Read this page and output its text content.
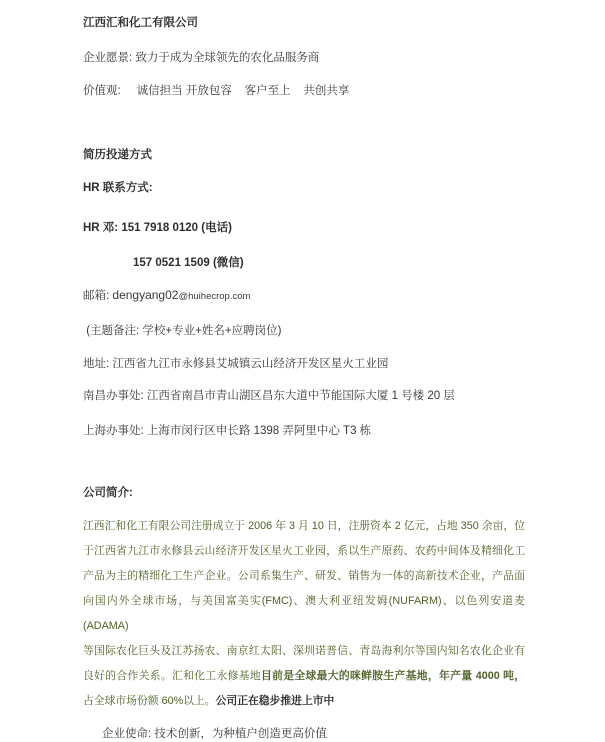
江西汇和化工有限公司

企业愿景: 致力于成为全球领先的农化品服务商

价值观:     诚信担当 开放包容    客户至上    共创共享

简历投递方式

HR 联系方式:

HR 邓: 151 7918 0120 (电话)

157 0521 1509 (微信)

邮箱: dengyang02@huihecrop.com

(主题备注: 学校+专业+姓名+应聘岗位)

地址: 江西省九江市永修县艾城镇云山经济开发区星火工业园

南昌办事处: 江西省南昌市青山湖区昌东大道中节能国际大厦 1 号楼 20 层

上海办事处: 上海市闵行区申长路 1398 弄阿里中心 T3 栋

公司简介:

江西汇和化工有限公司注册成立于 2006 年 3 月 10 日，注册资本 2 亿元，占地 350 余亩，位
于江西省九江市永修县云山经济开发区星火工业园，系以生产原药、农药中间体及精细化工
产品为主的精细化工生产企业。公司系集生产、研发、销售为一体的高新技术企业，产品面
向国内外全球市场，与美国富美实(FMC)、澳大利亚纽发姆(NUFARM)、以色列安道麦(ADAMA)
等国际农化巨头及江苏扬农、南京红太阳、深圳诺普信、青岛海利尔等国内知名农化企业有
良好的合作关系。汇和化工永修基地目前是全球最大的咪鲜胺生产基地，年产量 4000 吨，
占全球市场份额 60%以上。公司正在稳步推进上市中

企业使命: 技术创新，为种植户创造更高价值
